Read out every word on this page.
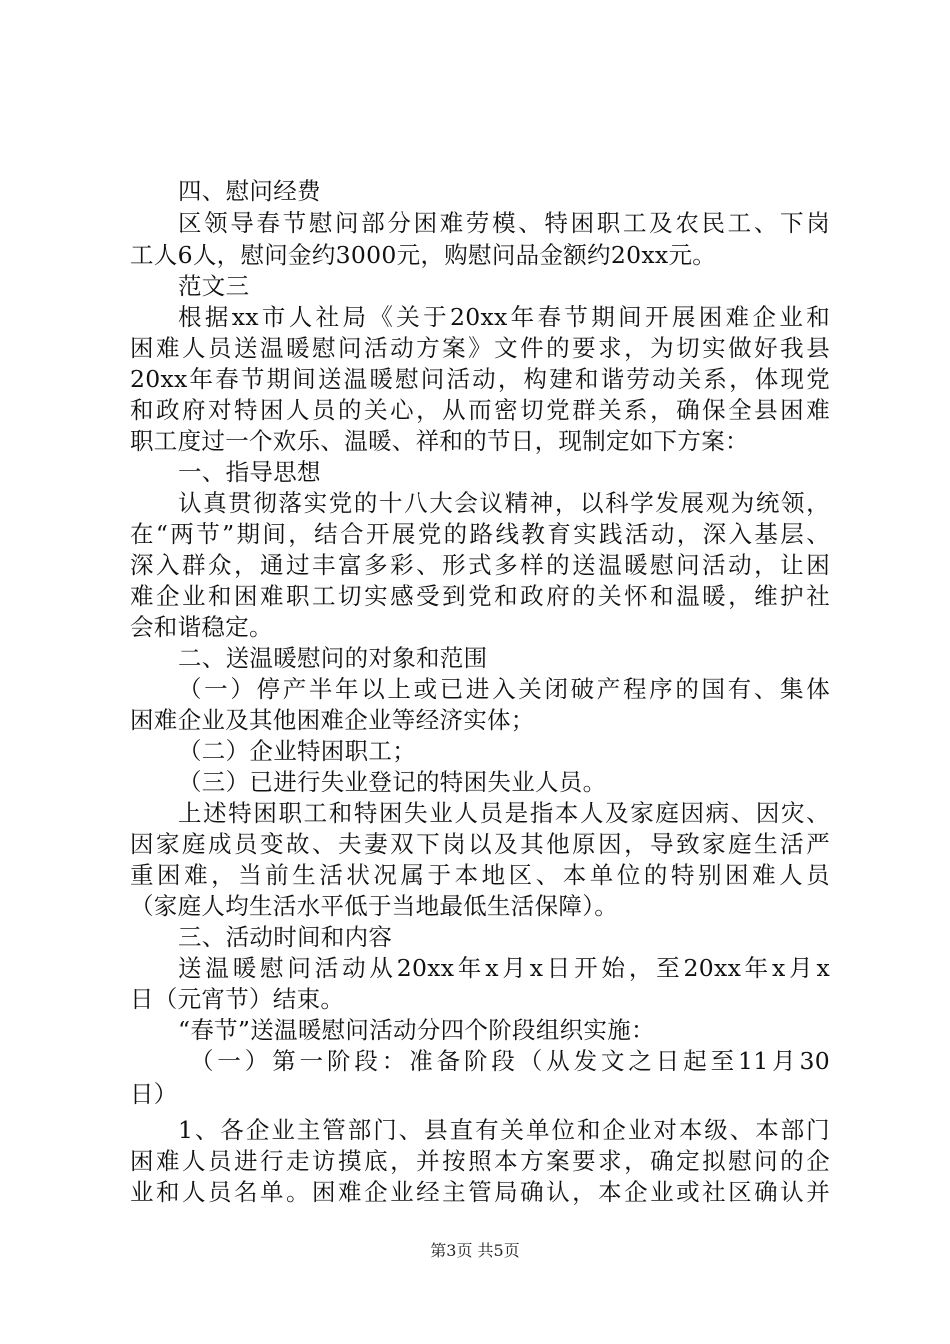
四、慰问经费
区领导春节慰问部分困难劳模、特困职工及农民工、下岗
工人6人，慰问金约3000元，购慰问品金额约20xx元。
范文三
根据xx市人社局《关于20xx年春节期间开展困难企业和
困难人员送温暖慰问活动方案》文件的要求，为切实做好我县
20xx年春节期间送温暖慰问活动，构建和谐劳动关系，体现党
和政府对特困人员的关心，从而密切党群关系，确保全县困难
职工度过一个欢乐、温暖、祥和的节日，现制定如下方案：
一、指导思想
认真贯彻落实党的十八大会议精神，以科学发展观为统领，
在“两节”期间，结合开展党的路线教育实践活动，深入基层、
深入群众，通过丰富多彩、形式多样的送温暖慰问活动，让困
难企业和困难职工切实感受到党和政府的关怀和温暖，维护社
会和谐稳定。
二、送温暖慰问的对象和范围
（一）停产半年以上或已进入关闭破产程序的国有、集体
困难企业及其他困难企业等经济实体；
（二）企业特困职工；
（三）已进行失业登记的特困失业人员。
上述特困职工和特困失业人员是指本人及家庭因病、因灾、
因家庭成员变故、夫妻双下岗以及其他原因，导致家庭生活严
重困难，当前生活状况属于本地区、本单位的特别困难人员
（家庭人均生活水平低于当地最低生活保障）。
三、活动时间和内容
送温暖慰问活动从20xx年x月x日开始，至20xx年x月x
日（元宵节）结束。
“春节”送温暖慰问活动分四个阶段组织实施：
（一）第一阶段：准备阶段（从发文之日起至11月30
日）
1、各企业主管部门、县直有关单位和企业对本级、本部门
困难人员进行走访摸底，并按照本方案要求，确定拟慰问的企
业和人员名单。困难企业经主管局确认，本企业或社区确认并
第3页 共5页
